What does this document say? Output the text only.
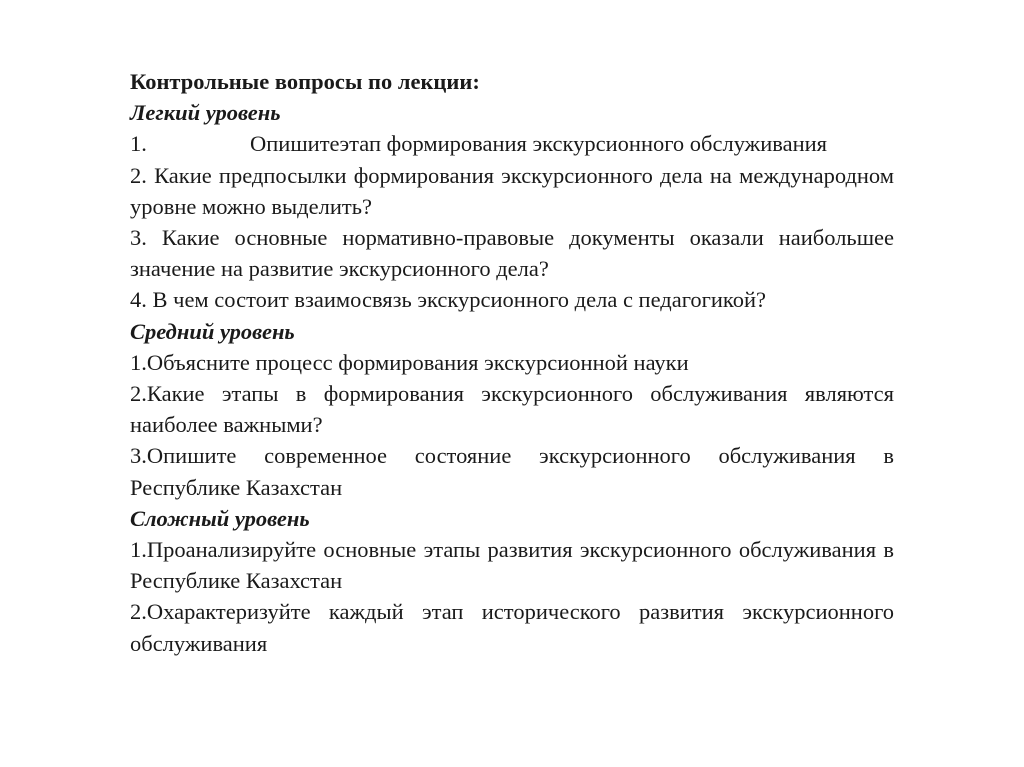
Контрольные вопросы по лекции:
Легкий уровень
1.	Опишитеэтап формирования экскурсионного обслуживания
2. Какие предпосылки формирования экскурсионного дела на международном уровне можно выделить?
3. Какие основные нормативно-правовые документы оказали наибольшее значение на развитие экскурсионного дела?
4. В чем состоит взаимосвязь экскурсионного дела с педагогикой?
Средний уровень
1.Объясните процесс формирования экскурсионной науки
2.Какие этапы в формирования экскурсионного обслуживания являются наиболее важными?
3.Опишите современное состояние экскурсионного обслуживания в Республике Казахстан
Сложный уровень
1.Проанализируйте основные этапы развития экскурсионного обслуживания в Республике Казахстан
2.Охарактеризуйте каждый этап исторического развития экскурсионного обслуживания
